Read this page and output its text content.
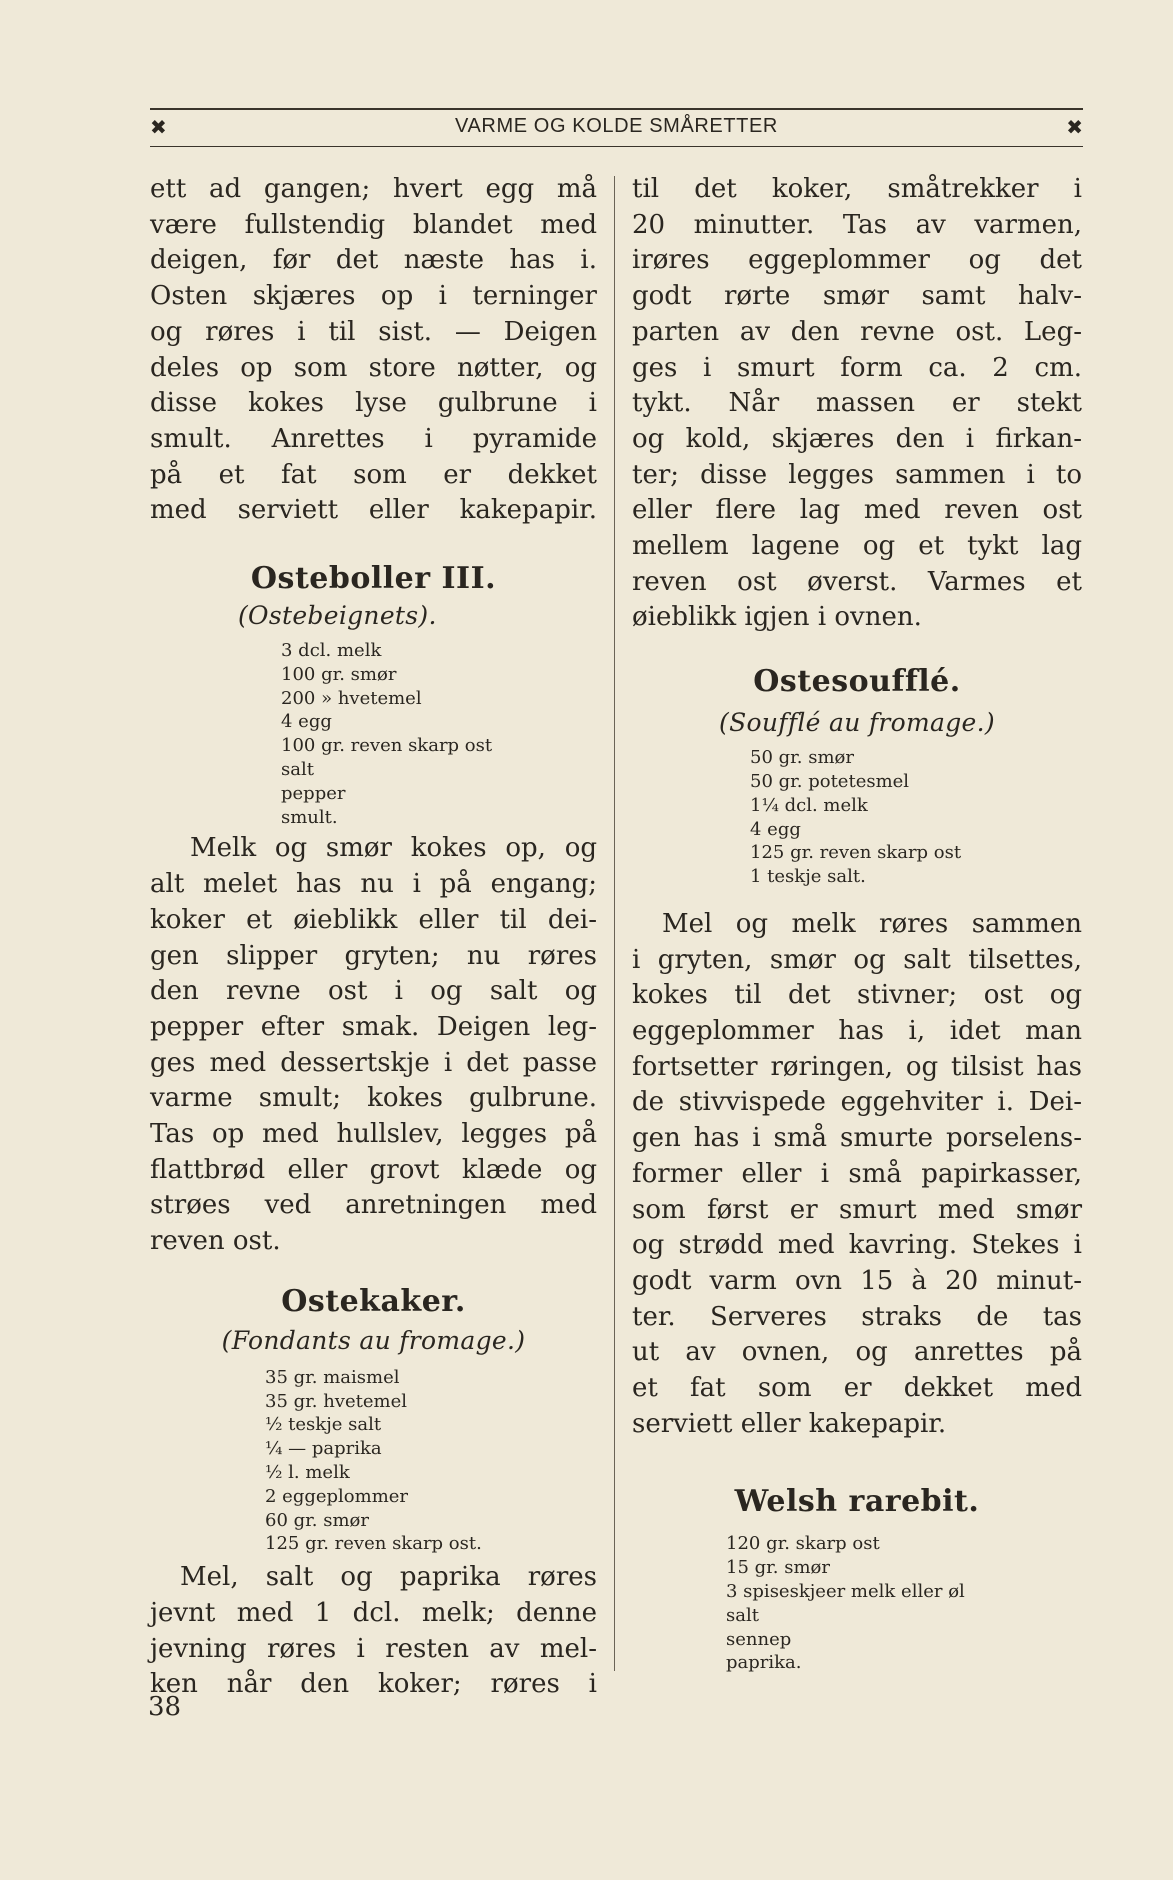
✖	VARME OG KOLDE SMÅRETTER	✖
ett ad gangen; hvert egg må
være fullstendig blandet med
deigen, før det næste has i.
Osten skjæres op i terninger
og røres i til sist. — Deigen
deles op som store nøtter, og
disse kokes lyse gulbrune i
smult. Anrettes i pyramide
på et fat som er dekket
med serviett eller kakepapir.
Osteboller III.
(Ostebeignets).
3 dcl. melk
100 gr. smør
200 » hvetemel
4 egg
100 gr. reven skarp ost
salt
pepper
smult.
Melk og smør kokes op, og
alt melet has nu i på engang;
koker et øieblikk eller til dei-
gen slipper gryten; nu røres
den revne ost i og salt og
pepper efter smak. Deigen leg-
ges med dessertskje i det passe
varme smult; kokes gulbrune.
Tas op med hullslev, legges på
flattbrød eller grovt klæde og
strøes ved anretningen med
reven ost.
Ostekaker.
(Fondants au fromage.)
35 gr. maismel
35 gr. hvetemel
½ teskje salt
¼ — paprika
½ l. melk
2 eggeplommer
60 gr. smør
125 gr. reven skarp ost.
Mel, salt og paprika røres
jevnt med 1 dcl. melk; denne
jevning røres i resten av mel-
ken når den koker; røres i
til det koker, småtrekker i
20 minutter. Tas av varmen,
irøres eggeplommer og det
godt rørte smør samt halv-
parten av den revne ost. Leg-
ges i smurt form ca. 2 cm.
tykt. Når massen er stekt
og kold, skjæres den i firkan-
ter; disse legges sammen i to
eller flere lag med reven ost
mellem lagene og et tykt lag
reven ost øverst. Varmes et
øieblikk igjen i ovnen.
Ostesoufflé.
(Soufflé au fromage.)
50 gr. smør
50 gr. potetesmel
1¼ dcl. melk
4 egg
125 gr. reven skarp ost
1 teskje salt.
Mel og melk røres sammen
i gryten, smør og salt tilsettes,
kokes til det stivner; ost og
eggeplommer has i, idet man
fortsetter røringen, og tilsist has
de stivvispede eggehviter i. Dei-
gen has i små smurte porselens-
former eller i små papirkasser,
som først er smurt med smør
og strødd med kavring. Stekes i
godt varm ovn 15 à 20 minut-
ter. Serveres straks de tas
ut av ovnen, og anrettes på
et fat som er dekket med
serviett eller kakepapir.
Welsh rarebit.
120 gr. skarp ost
15 gr. smør
3 spiseskjeer melk eller øl
salt
sennep
paprika.
38
